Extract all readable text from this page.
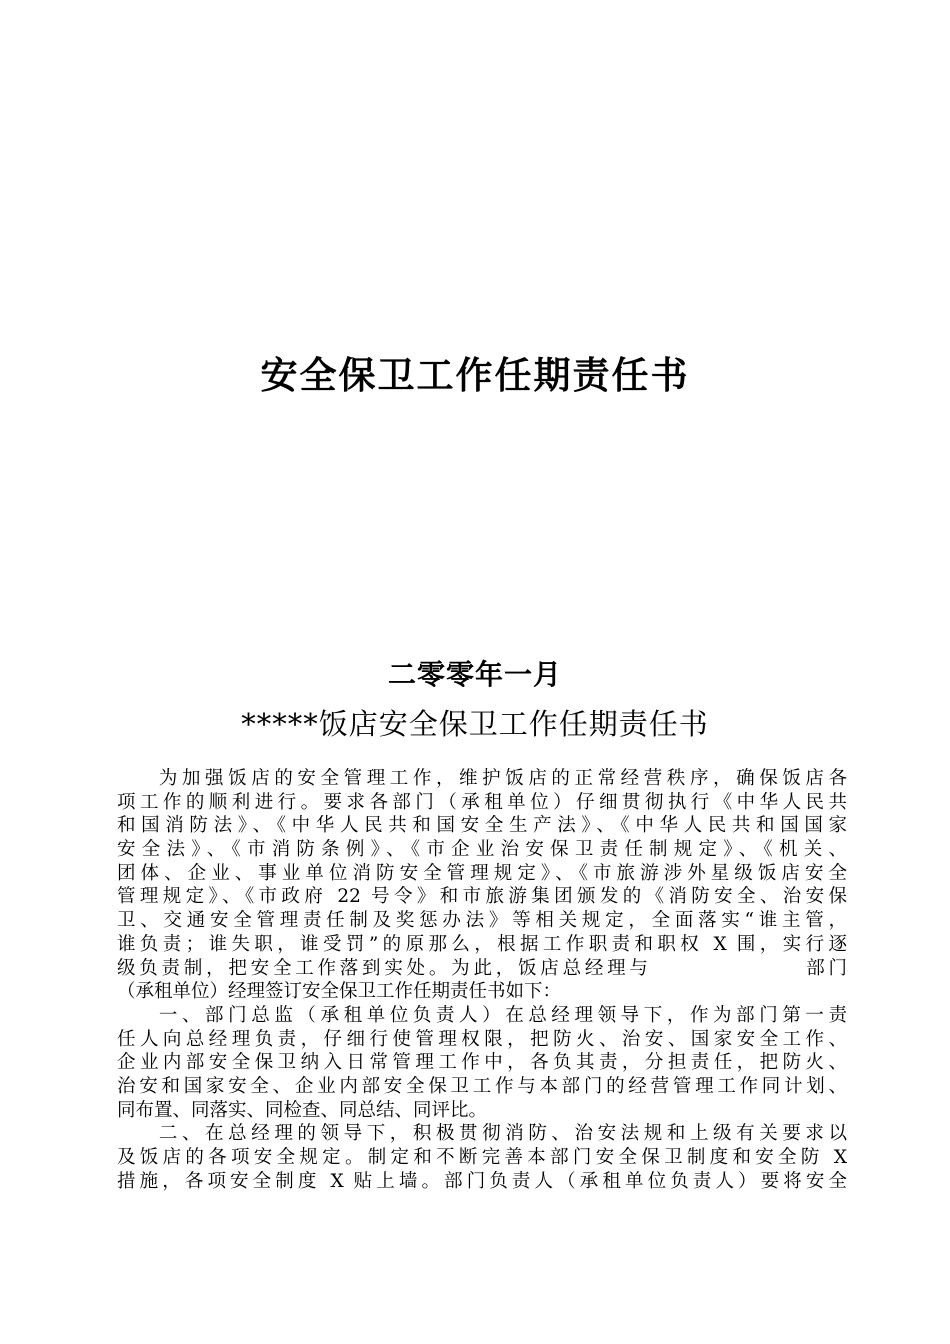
安全保卫工作任期责任书
二零零年一月
*****饭店安全保卫工作任期责任书
为加强饭店的安全管理工作，维护饭店的正常经营秩序，确保饭店各
项工作的顺利进行。要求各部门（承租单位）仔细贯彻执行《中华人民共
和国消防法》、《中华人民共和国安全生产法》、《中华人民共和国国家
安全法》、《市消防条例》、《市企业治安保卫责任制规定》、《机关、
团体、企业、事业单位消防安全管理规定》、《市旅游涉外星级饭店安全
管理规定》、《市政府 22 号令》和市旅游集团颁发的《消防安全、治安保
卫、交通安全管理责任制及奖惩办法》等相关规定，全面落实“谁主管，
谁负责；谁失职，谁受罚”的原那么，根据工作职责和职权 X 围，实行逐
级负责制，把安全工作落到实处。为此，饭店总经理与                部门
（承租单位）经理签订安全保卫工作任期责任书如下：
一、部门总监（承租单位负责人）在总经理领导下，作为部门第一责
任人向总经理负责，仔细行使管理权限，把防火、治安、国家安全工作、
企业内部安全保卫纳入日常管理工作中，各负其责，分担责任，把防火、
治安和国家安全、企业内部安全保卫工作与本部门的经营管理工作同计划、
同布置、同落实、同检查、同总结、同评比。
二、在总经理的领导下，积极贯彻消防、治安法规和上级有关要求以
及饭店的各项安全规定。制定和不断完善本部门安全保卫制度和安全防 X
措施，各项安全制度 X 贴上墙。部门负责人（承租单位负责人）要将安全
